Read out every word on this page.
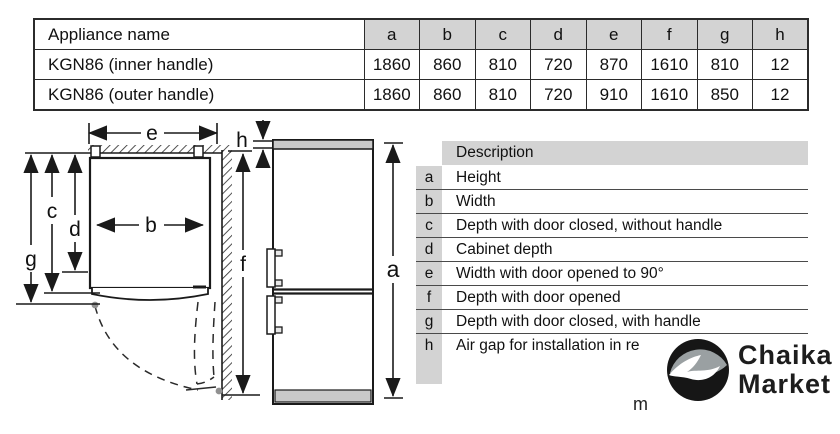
Appliance name	a	b	c	d	e	f	g	h
KGN86 (inner handle)	1860	860	810	720	870	1610	810	12
KGN86 (outer handle)	1860	860	810	720	910	1610	850	12
e
b
g
c
d
f
h
a
Description
a	Height
b	Width
c	Depth with door closed, without handle
d	Cabinet depth
e	Width with door opened to 90°
f	Depth with door opened
g	Depth with door closed, with handle
h	Air gap for installation in re
m
Chaika
Market
